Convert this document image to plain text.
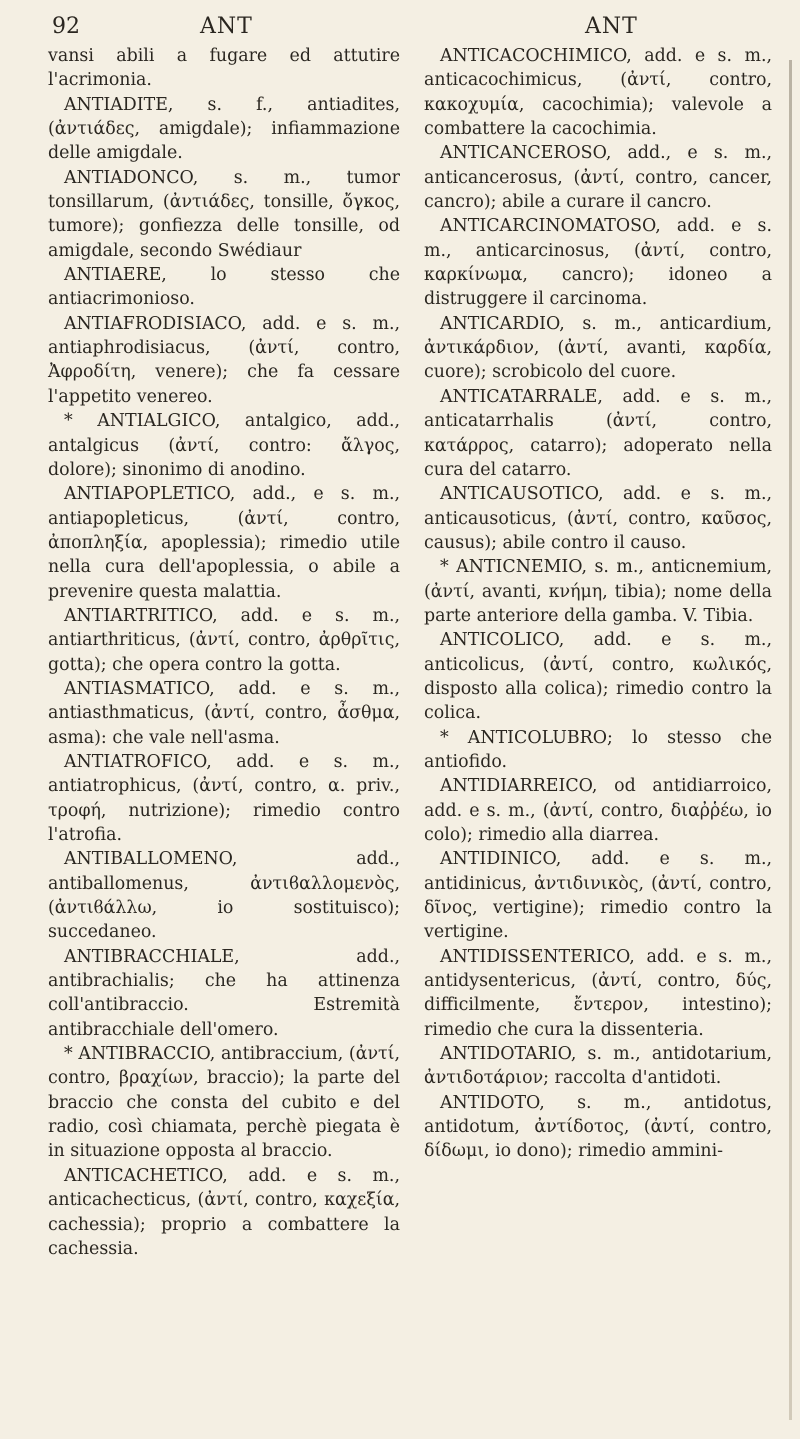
92	ANT	ANT

vansi abili a fugare ed attutire l'acrimonia.

ANTIADITE, s. f., antiadites, (ἀντιάδες, amigdale); infiammazione delle amigdale.

ANTIADONCO, s. m., tumor tonsillarum, (ἀντιάδες, tonsille, ὄγκος, tumore); gonfiezza delle tonsille, od amigdale, secondo Swédiaur

ANTIAERE, lo stesso che antiacrimonioso.

ANTIAFRODISIACO, add. e s. m., antiaphrodisiacus, (ἀντί, contro, Ἀφροδίτη, venere); che fa cessare l'appetito venereo.

* ANTIALGICO, antalgico, add., antalgicus (ἀντί, contro: ἄλγος, dolore); sinonimo di anodino.

ANTIAPOPLETICO, add., e s. m., antiapopleticus, (ἀντί, contro, ἀποπληξία, apoplessia); rimedio utile nella cura dell'apoplessia, o abile a prevenire questa malattia.

ANTIARTRITICO, add. e s. m., antiarthriticus, (ἀντί, contro, ἀρθρῖτις, gotta); che opera contro la gotta.

ANTIASMATICO, add. e s. m., antiasthmaticus, (ἀντί, contro, ἆσθμα, asma): che vale nell'asma.

ANTIATROFICO, add. e s. m., antiatrophicus, (ἀντί, contro, α. priv., τροφή, nutrizione); rimedio contro l'atrofia.

ANTIBALLOMENO, add., antiballomenus, ἀντιϐαλλομενὸς, (ἀντιϐάλλω, io sostituisco); succedaneo.

ANTIBRACCHIALE, add., antibrachialis; che ha attinenza coll'antibraccio. Estremità antibracchiale dell'omero.

* ANTIBRACCIO, antibraccium, (ἀντί, contro, βραχίων, braccio); la parte del braccio che consta del cubito e del radio, così chiamata, perchè piegata è in situazione opposta al braccio.

ANTICACHETICO, add. e s. m., anticachecticus, (ἀντί, contro, καχεξία, cachessia); proprio a combattere la cachessia.

ANTICACOCHIMICO, add. e s. m., anticacochimicus, (ἀντί, contro, κακοχυμία, cacochimia); valevole a combattere la cacochimia.

ANTICANCEROSO, add., e s. m., anticancerosus, (ἀντί, contro, cancer, cancro); abile a curare il cancro.

ANTICARCINOMATOSO, add. e s. m., anticarcinosus, (ἀντί, contro, καρκίνωμα, cancro); idoneo a distruggere il carcinoma.

ANTICARDIO, s. m., anticardium, ἀντικάρδιον, (ἀντί, avanti, καρδία, cuore); scrobicolo del cuore.

ANTICATARRALE, add. e s. m., anticatarrhalis (ἀντί, contro, κατάρρος, catarro); adoperato nella cura del catarro.

ANTICAUSOTICO, add. e s. m., anticausoticus, (ἀντί, contro, καῦσος, causus); abile contro il causo.

* ANTICNEMIO, s. m., anticnemium, (ἀντί, avanti, κνήμη, tibia); nome della parte anteriore della gamba. V. Tibia.

ANTICOLICO, add. e s. m., anticolicus, (ἀντί, contro, κωλικός, disposto alla colica); rimedio contro la colica.

* ANTICOLUBRO; lo stesso che antiofido.

ANTIDIARREICO, od antidiarroico, add. e s. m., (ἀντί, contro, διαῤῥέω, io colo); rimedio alla diarrea.

ANTIDINICO, add. e s. m., antidinicus, ἀντιδινικὸς, (ἀντί, contro, δῖνος, vertigine); rimedio contro la vertigine.

ANTIDISSENTERICO, add. e s. m., antidysentericus, (ἀντί, contro, δύς, difficilmente, ἔντερον, intestino); rimedio che cura la dissenteria.

ANTIDOTARIO, s. m., antidotarium, ἀντιδοτάριον; raccolta d'antidoti.

ANTIDOTO, s. m., antidotus, antidotum, ἀντίδοτος, (ἀντί, contro, δίδωμι, io dono); rimedio ammini-
